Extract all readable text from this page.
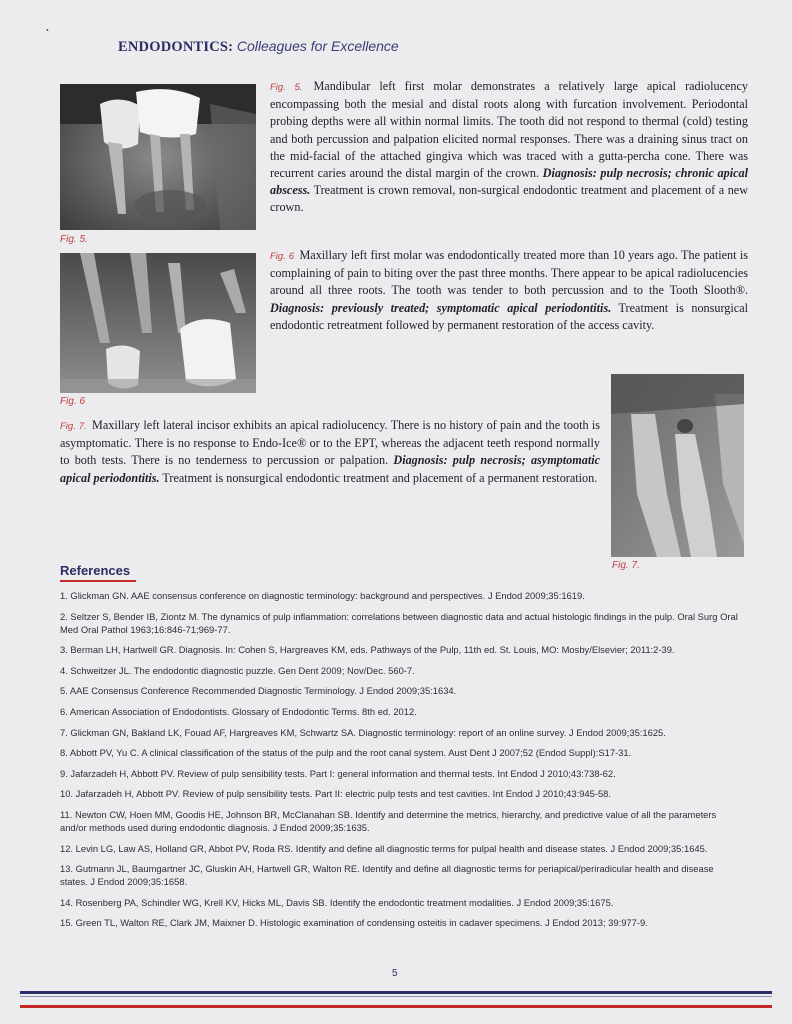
•
ENDODONTICS: Colleagues for Excellence
Fig. 5.
Fig. 5. Mandibular left first molar demonstrates a relatively large apical radiolucency encompassing both the mesial and distal roots along with furcation involvement. Periodontal probing depths were all within normal limits. The tooth did not respond to thermal (cold) testing and both percussion and palpation elicited normal responses. There was a draining sinus tract on the mid-facial of the attached gingiva which was traced with a gutta-percha cone. There was recurrent caries around the distal margin of the crown. Diagnosis: pulp necrosis; chronic apical abscess. Treatment is crown removal, non-surgical endodontic treatment and placement of a new crown.
Fig. 6
Fig. 6 Maxillary left first molar was endodontically treated more than 10 years ago. The patient is complaining of pain to biting over the past three months. There appear to be apical radiolucencies around all three roots. The tooth was tender to both percussion and to the Tooth Slooth®. Diagnosis: previously treated; symptomatic apical periodontitis. Treatment is nonsurgical endodontic retreatment followed by permanent restoration of the access cavity.
Fig. 7.
Fig. 7. Maxillary left lateral incisor exhibits an apical radiolucency. There is no history of pain and the tooth is asymptomatic. There is no response to Endo-Ice® or to the EPT, whereas the adjacent teeth respond normally to both tests. There is no tenderness to percussion or palpation. Diagnosis: pulp necrosis; asymptomatic apical periodontitis. Treatment is nonsurgical endodontic treatment and placement of a permanent restoration.
References
1. Glickman GN. AAE consensus conference on diagnostic terminology: background and perspectives. J Endod 2009;35:1619.
2. Seltzer S, Bender IB, Ziontz M. The dynamics of pulp inflammation: correlations between diagnostic data and actual histologic findings in the pulp. Oral Surg Oral Med Oral Pathol 1963;16:846-71;969-77.
3. Berman LH, Hartwell GR. Diagnosis. In: Cohen S, Hargreaves KM, eds. Pathways of the Pulp, 11th ed. St. Louis, MO: Mosby/Elsevier; 2011:2-39.
4. Schweitzer JL. The endodontic diagnostic puzzle. Gen Dent 2009; Nov/Dec. 560-7.
5. AAE Consensus Conference Recommended Diagnostic Terminology. J Endod 2009;35:1634.
6. American Association of Endodontists. Glossary of Endodontic Terms. 8th ed. 2012.
7. Glickman GN, Bakland LK, Fouad AF, Hargreaves KM, Schwartz SA. Diagnostic terminology: report of an online survey. J Endod 2009;35:1625.
8. Abbott PV, Yu C. A clinical classification of the status of the pulp and the root canal system. Aust Dent J 2007;52 (Endod Suppl):S17-31.
9. Jafarzadeh H, Abbott PV. Review of pulp sensibility tests. Part I: general information and thermal tests. Int Endod J 2010;43:738-62.
10. Jafarzadeh H, Abbott PV. Review of pulp sensibility tests. Part II: electric pulp tests and test cavities. Int Endod J 2010;43:945-58.
11. Newton CW, Hoen MM, Goodis HE, Johnson BR, McClanahan SB. Identify and determine the metrics, hierarchy, and predictive value of all the parameters and/or methods used during endodontic diagnosis. J Endod 2009;35:1635.
12. Levin LG, Law AS, Holland GR, Abbot PV, Roda RS. Identify and define all diagnostic terms for pulpal health and disease states. J Endod 2009;35:1645.
13. Gutmann JL, Baumgartner JC, Gluskin AH, Hartwell GR, Walton RE. Identify and define all diagnostic terms for periapical/periradicular health and disease states. J Endod 2009;35:1658.
14. Rosenberg PA, Schindler WG, Krell KV, Hicks ML, Davis SB. Identify the endodontic treatment modalities. J Endod 2009;35:1675.
15. Green TL, Walton RE, Clark JM, Maixner D. Histologic examination of condensing osteitis in cadaver specimens. J Endod 2013; 39:977-9.
5
